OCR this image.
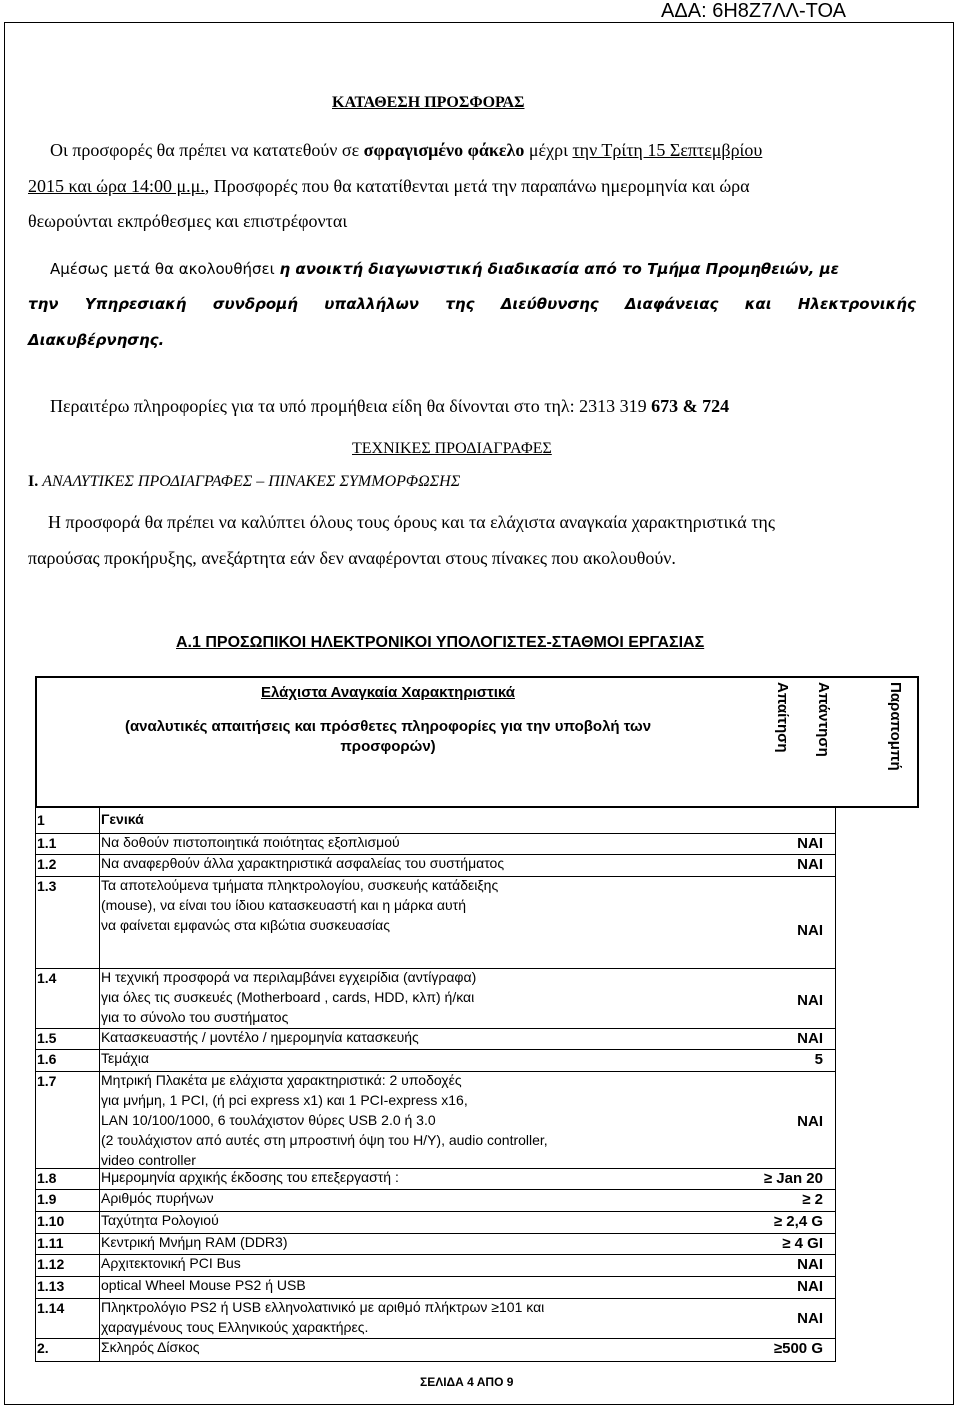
ΑΔΑ: 6Η8Ζ7ΛΛ-ΤΟΑ
ΚΑΤΑΘΕΣΗ ΠΡΟΣΦΟΡΑΣ
Οι προσφορές θα πρέπει να κατατεθούν σε σφραγισμένο φάκελο μέχρι την Τρίτη 15 Σεπτεμβρίου
2015 και ώρα 14:00 μ.μ., Προσφορές που θα κατατίθενται μετά την παραπάνω ημερομηνία και ώρα
θεωρούνται εκπρόθεσμες και επιστρέφονται
Αμέσως μετά θα ακολουθήσει η ανοικτή διαγωνιστική διαδικασία από το Τμήμα Προμηθειών, με
την Υπηρεσιακή συνδρομή υπαλλήλων της Διεύθυνσης Διαφάνειας και Ηλεκτρονικής
Διακυβέρνησης.
Περαιτέρω πληροφορίες για τα υπό προμήθεια είδη θα δίνονται στο τηλ: 2313 319 673 & 724
ΤΕΧΝΙΚΕΣ ΠΡΟΔΙΑΓΡΑΦΕΣ
Ι. ΑΝΑΛΥΤΙΚΕΣ ΠΡΟΔΙΑΓΡΑΦΕΣ – ΠΙΝΑΚΕΣ ΣΥΜΜΟΡΦΩΣΗΣ
Η προσφορά θα πρέπει να καλύπτει όλους τους όρους και τα ελάχιστα αναγκαία χαρακτηριστικά της
παρούσας προκήρυξης, ανεξάρτητα εάν δεν αναφέρονται στους πίνακες που ακολουθούν.
Α.1 ΠΡΟΣΩΠΙΚΟΙ ΗΛΕΚΤΡΟΝΙΚΟΙ ΥΠΟΛΟΓΙΣΤΕΣ-ΣΤΑΘΜΟΙ ΕΡΓΑΣΙΑΣ
Ελάχιστα Αναγκαία Χαρακτηριστικά
(αναλυτικές απαιτήσεις και πρόσθετες πληροφορίες για την υποβολή των
προσφορών)	Απαίτηση Απάντηση	Παραπομπή
1	Γενικά
1.1	Να δοθούν πιστοποιητικά ποιότητας εξοπλισμού	ΝΑΙ
1.2	Να αναφερθούν άλλα χαρακτηριστικά ασφαλείας του συστήματος	ΝΑΙ
1.3	Τα αποτελούμενα τμήματα πληκτρολογίου, συσκευής κατάδειξης
(mouse), να είναι του ίδιου κατασκευαστή και η μάρκα αυτή
να φαίνεται εμφανώς στα κιβώτια συσκευασίας	ΝΑΙ
1.4	Η τεχνική προσφορά να περιλαμβάνει εγχειρίδια (αντίγραφα)
για όλες τις συσκευές (Motherboard , cards, HDD, κλπ) ή/και
για το σύνολο του συστήματος
ΝΑΙ
1.5	Κατασκευαστής / μοντέλο / ημερομηνία κατασκευής	ΝΑΙ
1.6	Τεμάχια	5
1.7	Μητρική Πλακέτα με ελάχιστα χαρακτηριστικά: 2 υποδοχές
για μνήμη, 1 PCI, (ή pci express x1) και 1 PCI-express x16,
LAN 10/100/1000, 6 τουλάχιστον θύρες USB 2.0 ή 3.0
(2 τουλάχιστον από αυτές στη μπροστινή όψη του Η/Υ), audio controller,
video controller
ΝΑΙ
1.8	Ημερομηνία αρχικής έκδοσης του επεξεργαστή :	≥ Jan 20
1.9	Αριθμός πυρήνων	≥ 2
1.10	Ταχύτητα Ρολογιού	≥ 2,4 G
1.11	Κεντρική Μνήμη RAM (DDR3)	≥ 4 GI
1.12	Αρχιτεκτονική PCI Bus	ΝΑΙ
1.13	optical Wheel Mouse PS2 ή USB	ΝΑΙ
1.14	Πληκτρολόγιο PS2 ή USB ελληνολατινικό με αριθμό πλήκτρων ≥101 και
χαραγμένους τους Ελληνικούς χαρακτήρες.	ΝΑΙ
2.	Σκληρός Δίσκος	≥500 G
ΣΕΛΙΔΑ 4 ΑΠΟ 9
